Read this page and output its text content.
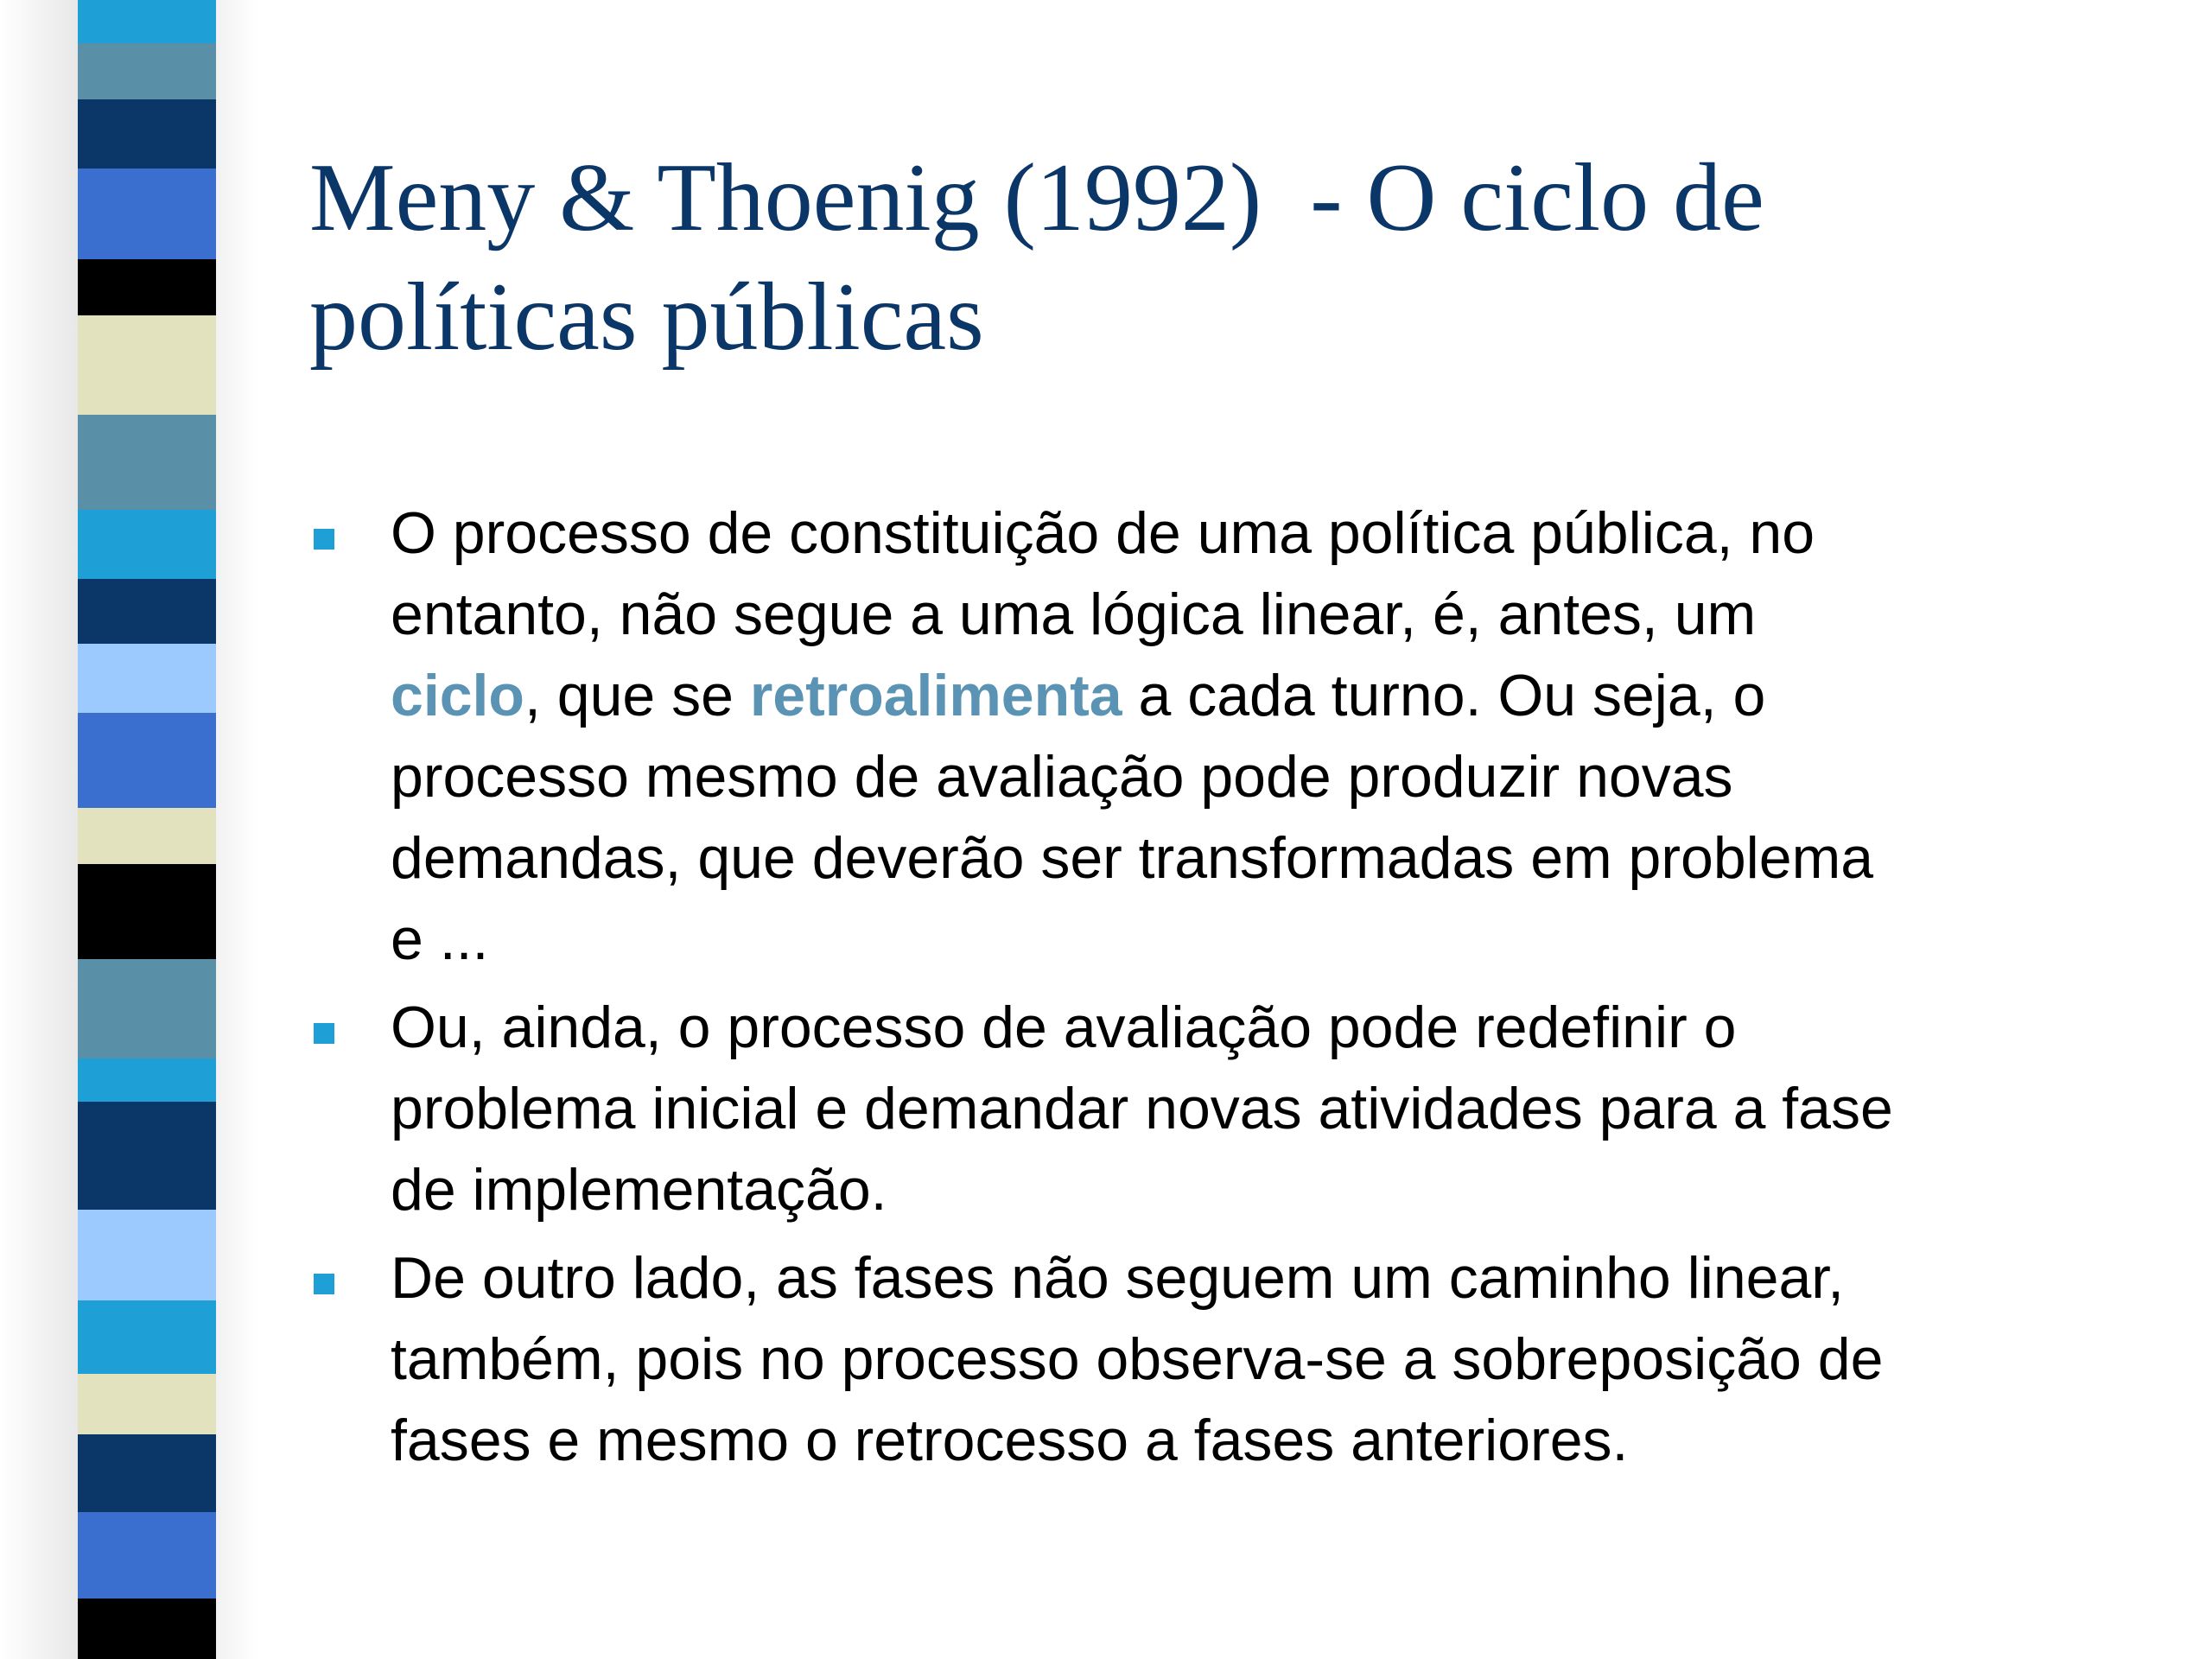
Meny & Thoenig (1992)  - O ciclo de
políticas públicas
O processo de constituição de uma política pública, no
entanto, não segue a uma lógica linear, é, antes, um
ciclo, que se retroalimenta a cada turno. Ou seja, o
processo mesmo de avaliação pode produzir novas
demandas, que deverão ser transformadas em problema
e ...
Ou, ainda, o processo de avaliação pode redefinir o
problema inicial e demandar novas atividades para a fase
de implementação.
De outro lado, as fases não seguem um caminho linear,
também, pois no processo observa-se a sobreposição de
fases e mesmo o retrocesso a fases anteriores.
